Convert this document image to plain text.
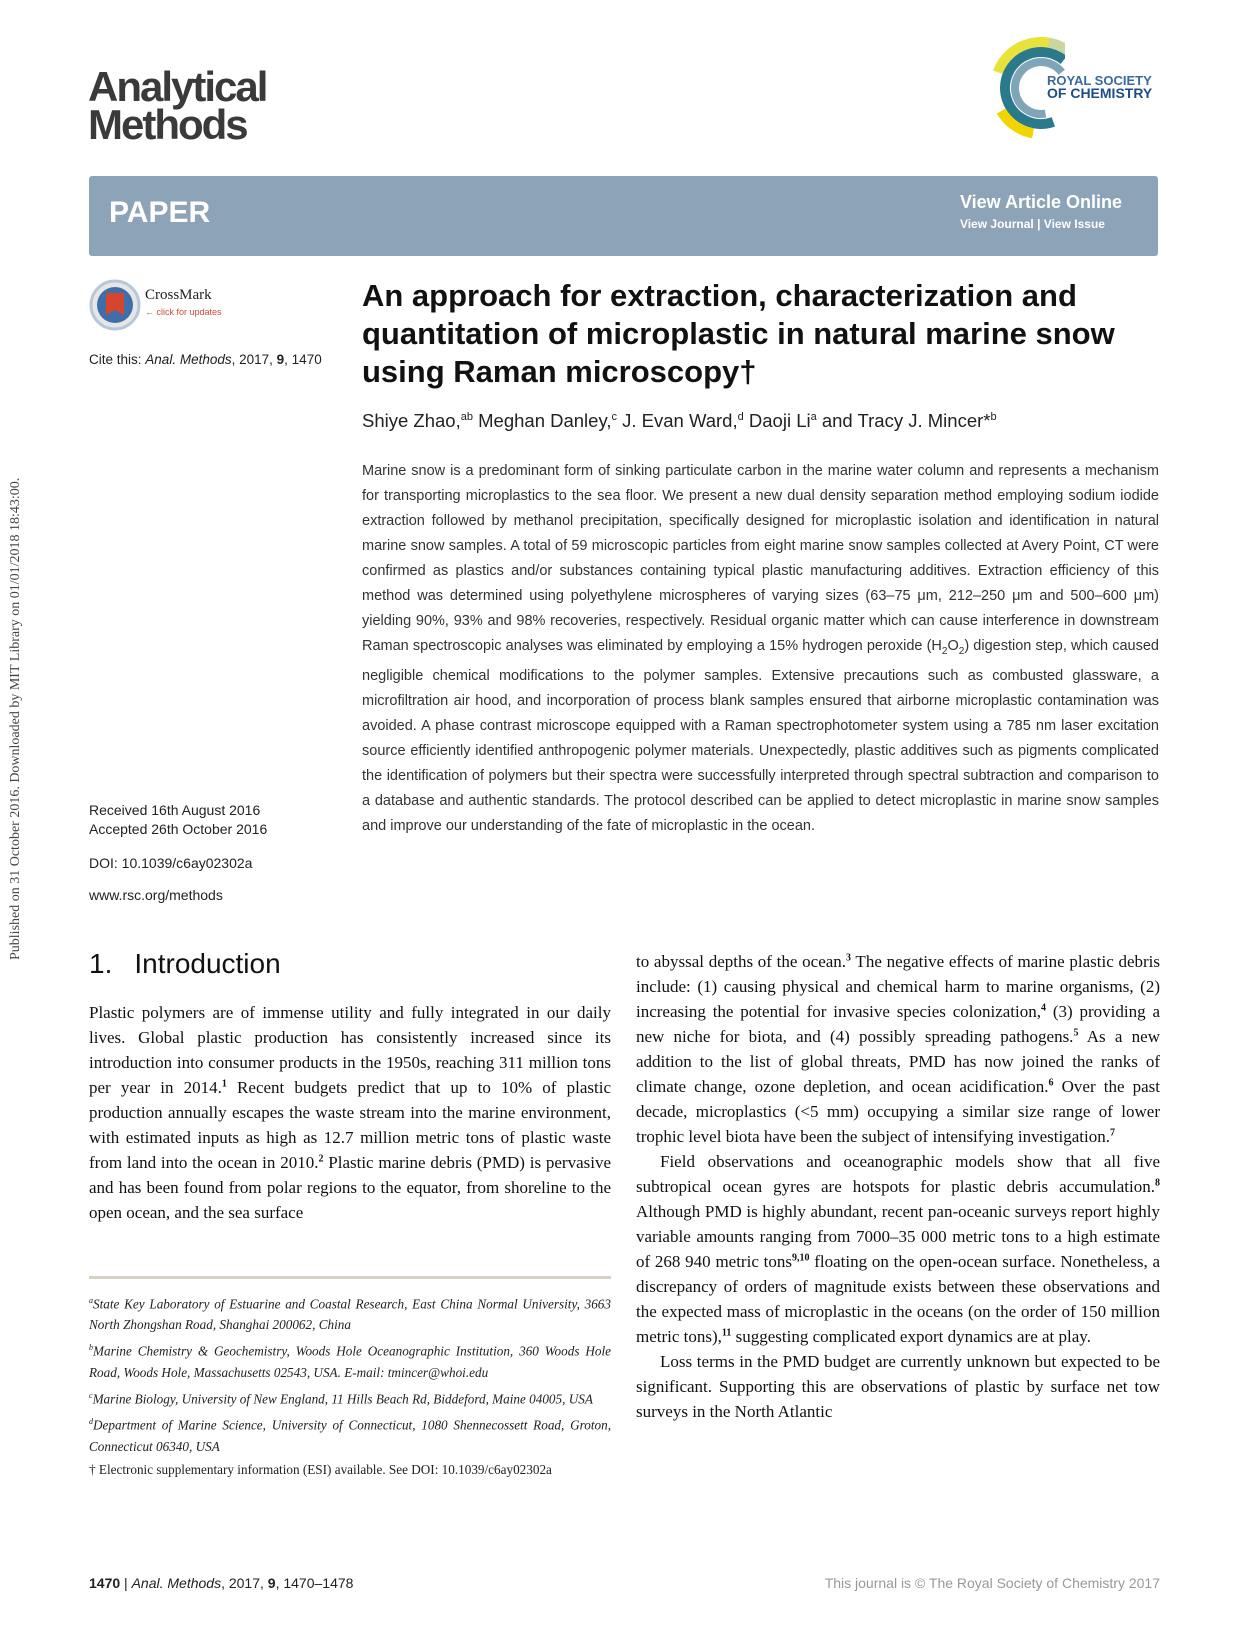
Published on 31 October 2016. Downloaded by MIT Library on 01/01/2018 18:43:00.
Analytical
Methods
ROYAL SOCIETY
OF CHEMISTRY
PAPER	View Article Online
View Journal | View Issue
CrossMark
← click for updates
Cite this: Anal. Methods, 2017, 9, 1470
An approach for extraction, characterization and quantitation of microplastic in natural marine snow using Raman microscopy†
Shiye Zhao,$^{ab}$ Meghan Danley,$^c$ J. Evan Ward,$^d$ Daoji Li$^a$ and Tracy J. Mincer*$^b$
Marine snow is a predominant form of sinking particulate carbon in the marine water column and represents a mechanism for transporting microplastics to the sea floor. We present a new dual density separation method employing sodium iodide extraction followed by methanol precipitation, specifically designed for microplastic isolation and identification in natural marine snow samples. A total of 59 microscopic particles from eight marine snow samples collected at Avery Point, CT were confirmed as plastics and/or substances containing typical plastic manufacturing additives. Extraction efficiency of this method was determined using polyethylene microspheres of varying sizes (63–75 μm, 212–250 μm and 500–600 μm) yielding 90%, 93% and 98% recoveries, respectively. Residual organic matter which can cause interference in downstream Raman spectroscopic analyses was eliminated by employing a 15% hydrogen peroxide $(H_2O_2)$ digestion step, which caused negligible chemical modifications to the polymer samples. Extensive precautions such as combusted glassware, a microfiltration air hood, and incorporation of process blank samples ensured that airborne microplastic contamination was avoided. A phase contrast microscope equipped with a Raman spectrophotometer system using a 785 nm laser excitation source efficiently identified anthropogenic polymer materials. Unexpectedly, plastic additives such as pigments complicated the identification of polymers but their spectra were successfully interpreted through spectral subtraction and comparison to a database and authentic standards. The protocol described can be applied to detect microplastic in marine snow samples and improve our understanding of the fate of microplastic in the ocean.
Received 16th August 2016
Accepted 26th October 2016
DOI: 10.1039/c6ay02302a
www.rsc.org/methods
1. Introduction

Plastic polymers are of immense utility and fully integrated in our daily lives. Global plastic production has consistently increased since its introduction into consumer products in the 1950s, reaching 311 million tons per year in 2014.$^1$ Recent budgets predict that up to 10% of plastic production annually escapes the waste stream into the marine environment, with estimated inputs as high as 12.7 million metric tons of plastic waste from land into the ocean in 2010.$^2$ Plastic marine debris (PMD) is pervasive and has been found from polar regions to the equator, from shoreline to the open ocean, and the sea surface

$^a$State Key Laboratory of Estuarine and Coastal Research, East China Normal University, 3663 North Zhongshan Road, Shanghai 200062, China

$^b$Marine Chemistry & Geochemistry, Woods Hole Oceanographic Institution, 360 Woods Hole Road, Woods Hole, Massachusetts 02543, USA. E-mail: tmincer@whoi.edu

$^c$Marine Biology, University of New England, 11 Hills Beach Rd, Biddeford, Maine 04005, USA

$^d$Department of Marine Science, University of Connecticut, 1080 Shennecossett Road, Groton, Connecticut 06340, USA

† Electronic supplementary information (ESI) available. See DOI: 10.1039/c6ay02302a

to abyssal depths of the ocean.$^3$ The negative effects of marine plastic debris include: (1) causing physical and chemical harm to marine organisms, (2) increasing the potential for invasive species colonization,$^4$ (3) providing a new niche for biota, and (4) possibly spreading pathogens.$^5$ As a new addition to the list of global threats, PMD has now joined the ranks of climate change, ozone depletion, and ocean acidification.$^6$ Over the past decade, microplastics (<5 mm) occupying a similar size range of lower trophic level biota have been the subject of intensifying investigation.$^7$

Field observations and oceanographic models show that all five subtropical ocean gyres are hotspots for plastic debris accumulation.$^8$ Although PMD is highly abundant, recent pan-oceanic surveys report highly variable amounts ranging from 7000–35 000 metric tons to a high estimate of 268 940 metric tons$^{9,10}$ floating on the open-ocean surface. Nonetheless, a discrepancy of orders of magnitude exists between these observations and the expected mass of microplastic in the oceans (on the order of 150 million metric tons),$^{11}$ suggesting complicated export dynamics are at play.

Loss terms in the PMD budget are currently unknown but expected to be significant. Supporting this are observations of plastic by surface net tow surveys in the North Atlantic

1470 | Anal. Methods, 2017, 9, 1470–1478	This journal is © The Royal Society of Chemistry 2017
